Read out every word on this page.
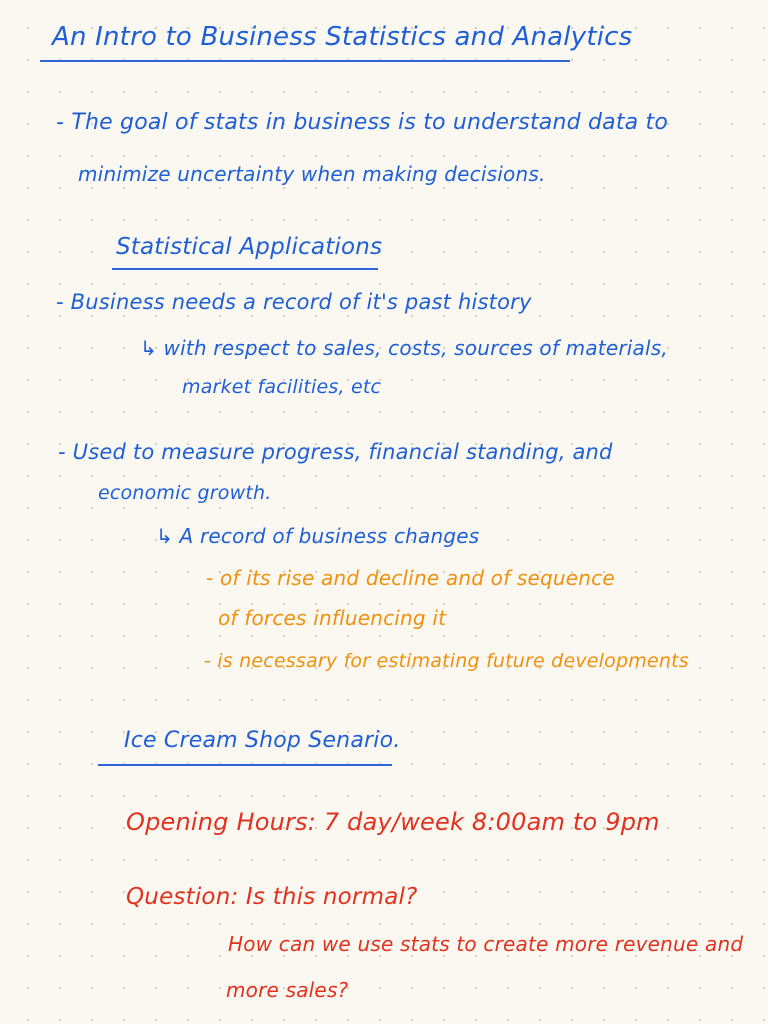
An Intro to Business Statistics and Analytics

- The goal of stats in business is to understand data to

minimize uncertainty when making decisions.

Statistical Applications

- Business needs a record of it's past history

↳ with respect to sales, costs, sources of materials,

market facilities, etc

- Used to measure progress, financial standing, and

economic growth.

↳ A record of business changes

- of its rise and decline and of sequence

of forces influencing it

- is necessary for estimating future developments

Ice Cream Shop Senario.

Opening Hours: 7 day/week 8:00am to 9pm

Question: Is this normal?

How can we use stats to create more revenue and

more sales?
